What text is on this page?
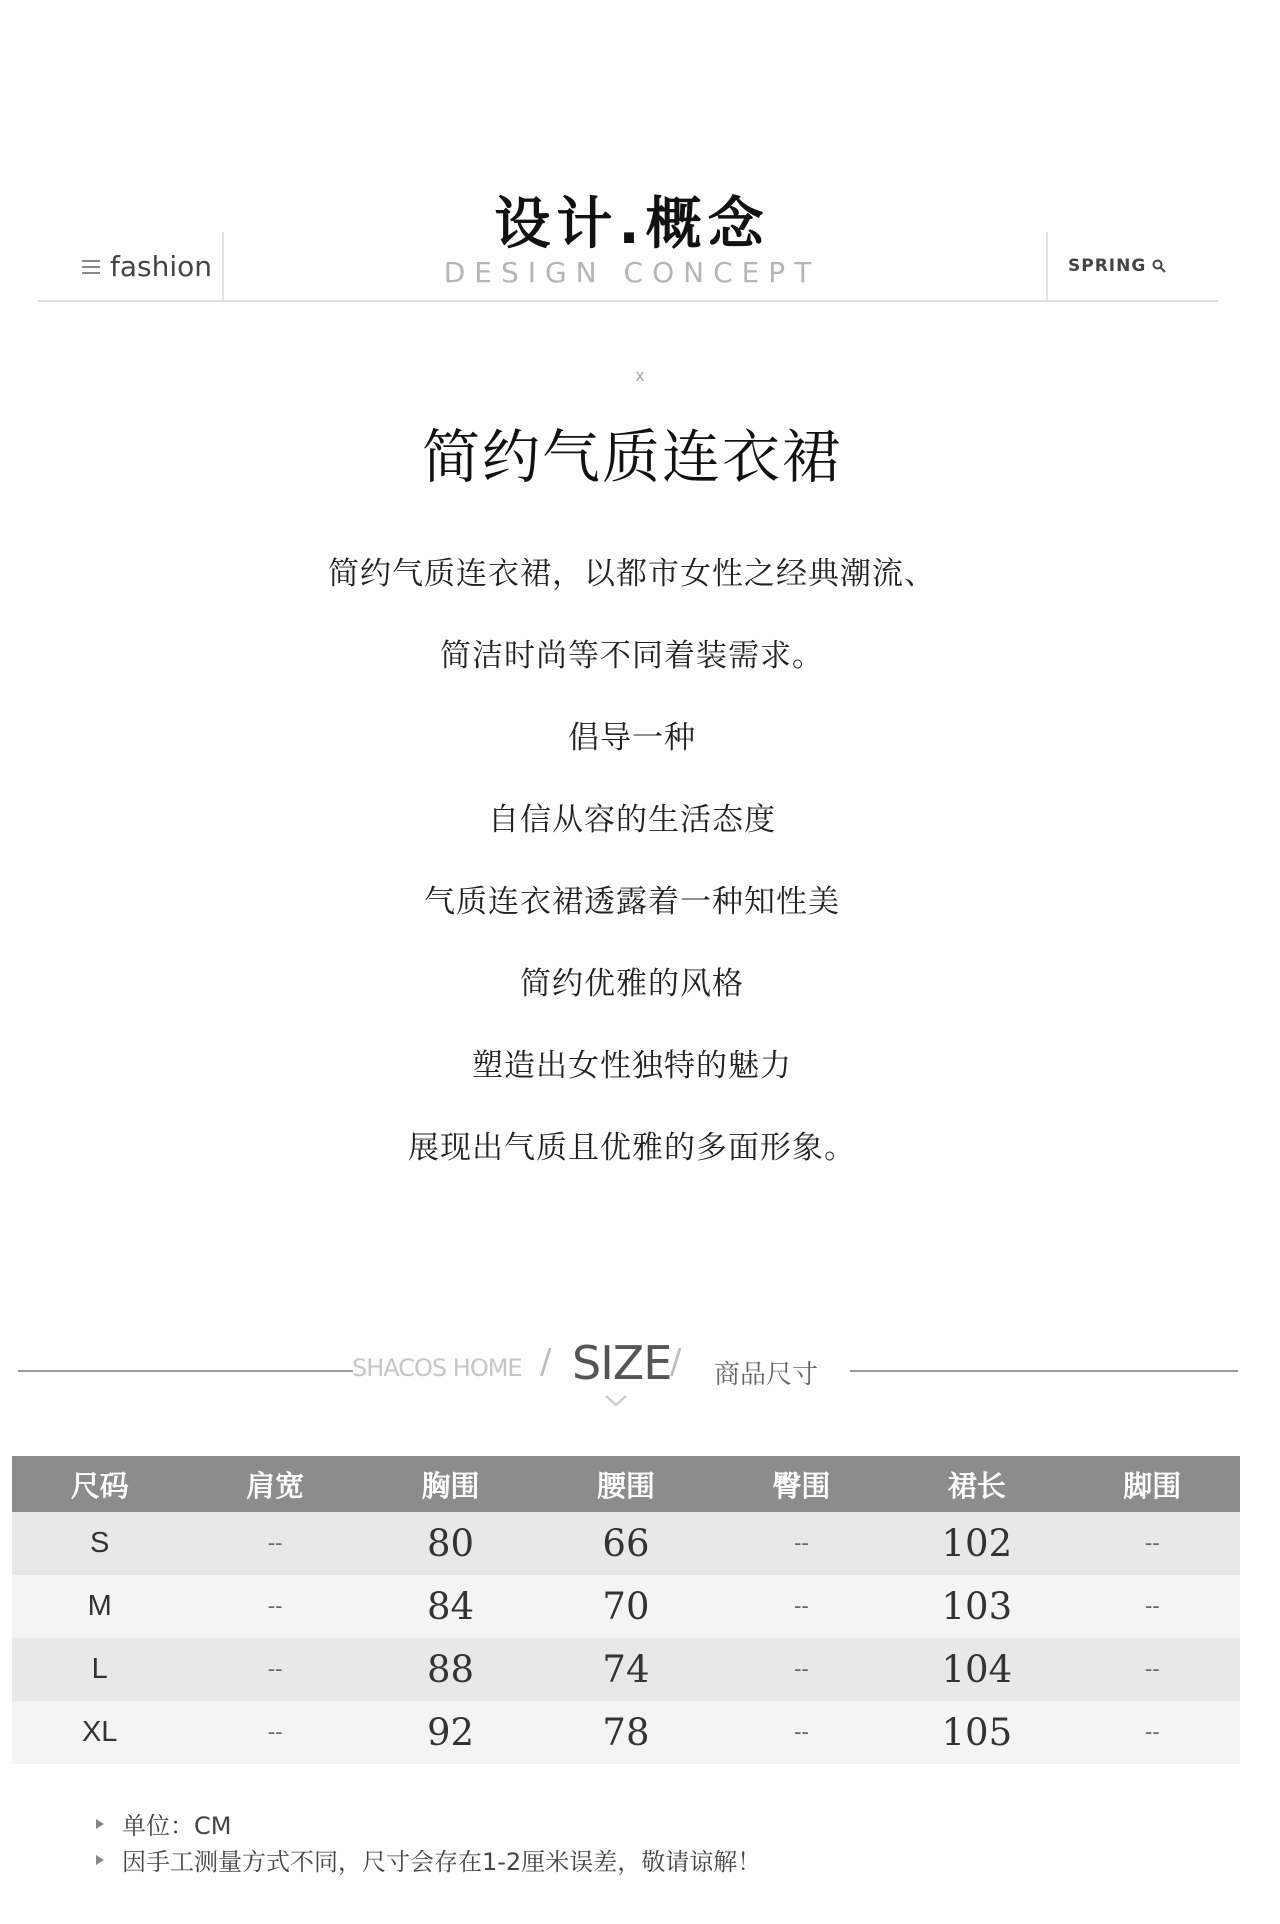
设计.概念
DESIGN CONCEPT
fashion	SPRING
x
简约气质连衣裙
简约气质连衣裙，以都市女性之经典潮流、
简洁时尚等不同着装需求。
倡导一种
自信从容的生活态度
气质连衣裙透露着一种知性美
简约优雅的风格
塑造出女性独特的魅力
展现出气质且优雅的多面形象。
SHACOS HOME / SIZE
/ 商品尺寸
尺码	肩宽	胸围	腰围	臀围	裙长	脚围
S	--	80	66	--	102	--
M	--	84	70	--	103	--
L	--	88	74	--	104	--
XL	--	92	78	--	105	--
单位：CM
因手工测量方式不同，尺寸会存在1-2厘米误差，敬请谅解！
